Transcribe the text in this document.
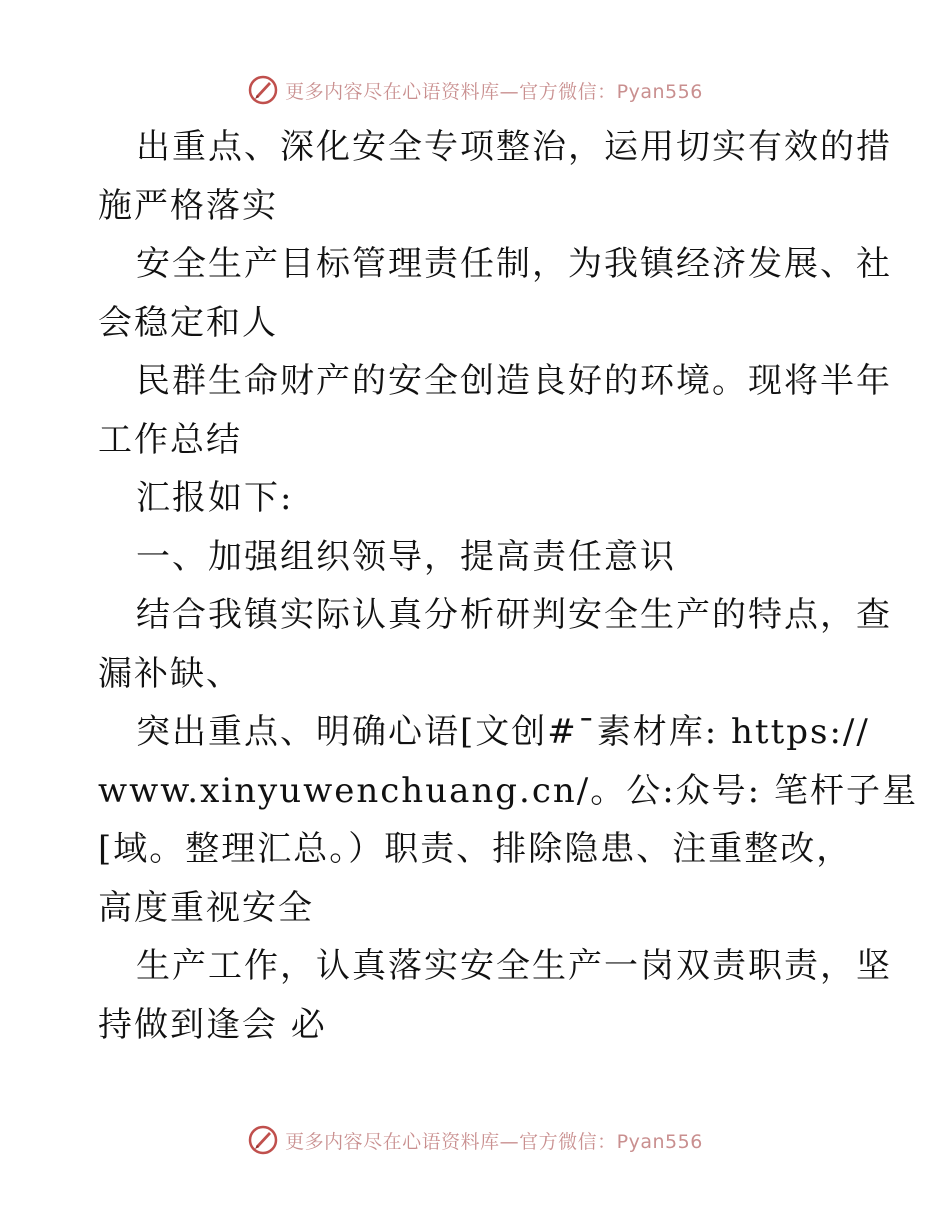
更多内容尽在心语资料库—官方微信：Pyan556
出重点、深化安全专项整治，运用切实有效的措
施严格落实
安全生产目标管理责任制，为我镇经济发展、社
会稳定和人
民群生命财产的安全创造良好的环境。现将半年
工作总结
汇报如下:
一、加强组织领导，提高责任意识
结合我镇实际认真分析研判安全生产的特点，查
漏补缺、
突出重点、明确心语[文创#¯素材库: https://
www.xinyuwenchuang.cn/。公:众号: 笔杆子星
[域。整理汇总。）职责、排除隐患、注重整改，
高度重视安全
生产工作，认真落实安全生产一岗双责职责，坚
持做到逢会 必
更多内容尽在心语资料库—官方微信：Pyan556
